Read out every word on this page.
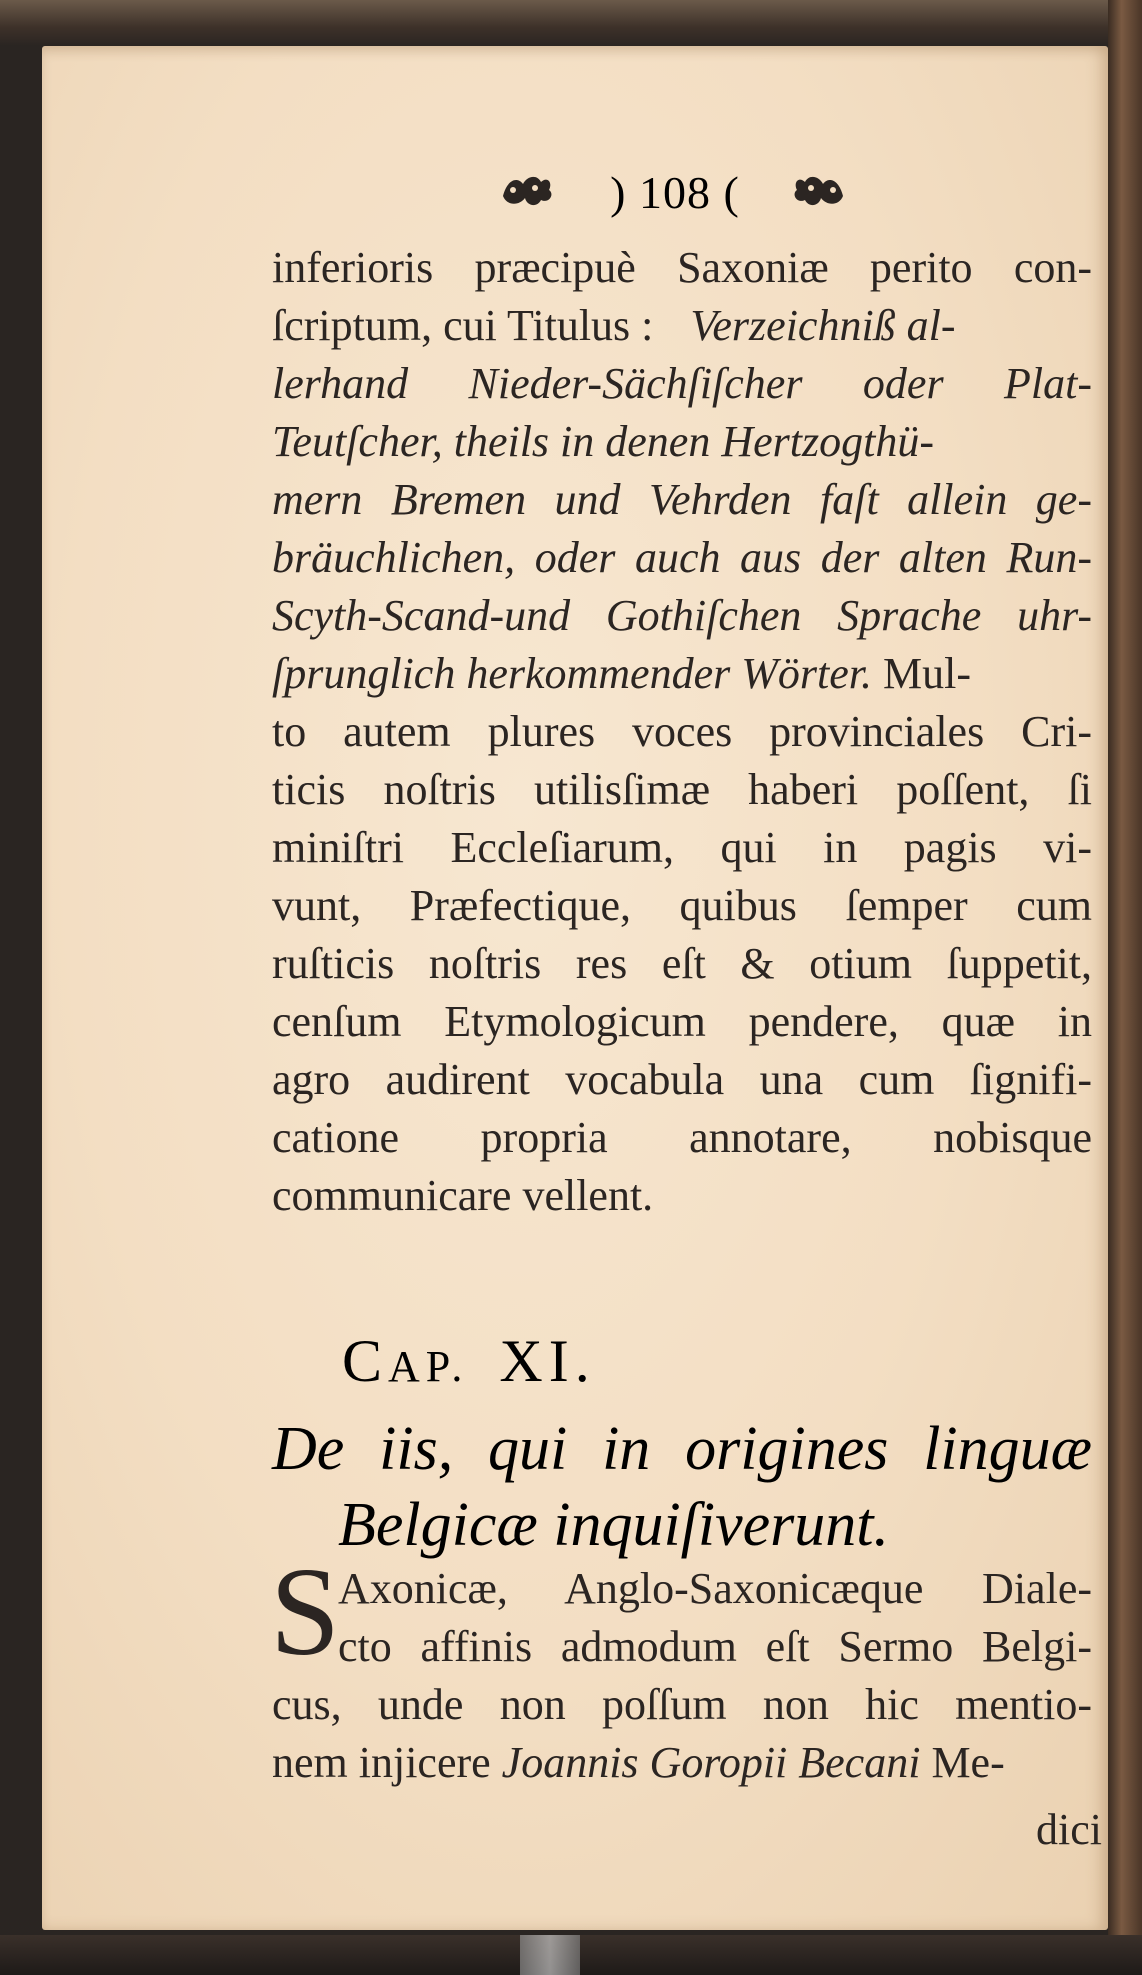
) 108 (
inferioris præcipuè Saxoniæ perito con-
ſcriptum, cui Titulus : Verzeichniß al-
lerhand Nieder-Sächſiſcher oder Plat-
Teutſcher, theils in denen Hertzogthü-
mern Bremen und Vehrden faſt allein ge-
bräuchlichen, oder auch aus der alten Run-
Scyth-Scand-und Gothiſchen Sprache uhr-
ſprunglich herkommender Wörter. Mul-
to autem plures voces provinciales Cri-
ticis noſtris utilisſimæ haberi poſſent, ſi
miniſtri Eccleſiarum, qui in pagis vi-
vunt, Præfectique, quibus ſemper cum
ruſticis noſtris res eſt & otium ſuppetit,
cenſum Etymologicum pendere, quæ in
agro audirent vocabula una cum ſignifi-
catione propria annotare, nobisque
communicare vellent.
CAP. XI.
De iis, qui in origines linguæ
Belgicæ inquiſiverunt.
S
Axonicæ, Anglo-Saxonicæque Diale-
cto affinis admodum eſt Sermo Belgi-
cus, unde non poſſum non hic mentio-
nem injicere Joannis Goropii Becani Me-
dici
